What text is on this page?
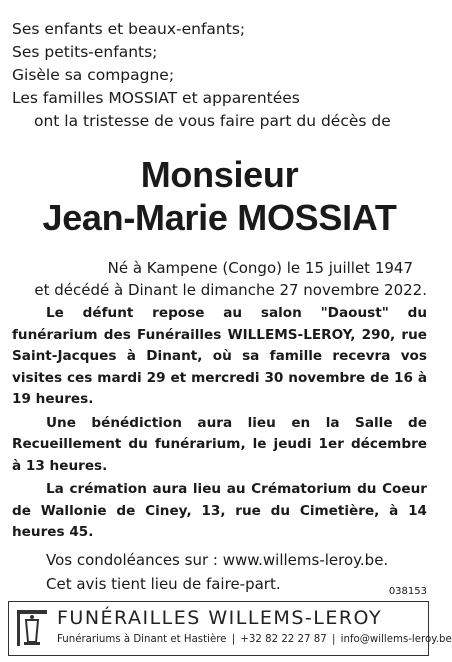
Ses enfants et beaux-enfants;
Ses petits-enfants;
Gisèle sa compagne;
Les familles MOSSIAT et apparentées
ont la tristesse de vous faire part du décès de
Monsieur
Jean-Marie MOSSIAT
Né à Kampene (Congo) le 15 juillet 1947
et décédé à Dinant le dimanche 27 novembre 2022.
Le défunt repose au salon "Daoust" du funérarium des Funérailles WILLEMS-LEROY, 290, rue Saint-Jacques à Dinant, où sa famille recevra vos visites ces mardi 29 et mercredi 30 novembre de 16 à 19 heures.
Une bénédiction aura lieu en la Salle de Recueillement du funérarium, le jeudi 1er décembre à 13 heures.
La crémation aura lieu au Crématorium du Coeur de Wallonie de Ciney, 13, rue du Cimetière, à 14 heures 45.
Vos condoléances sur : www.willems-leroy.be.
Cet avis tient lieu de faire-part.	038153
FUNÉRAILLES WILLEMS-LEROY
Funérariums à Dinant et Hastière | +32 82 22 27 87 | info@willems-leroy.be
